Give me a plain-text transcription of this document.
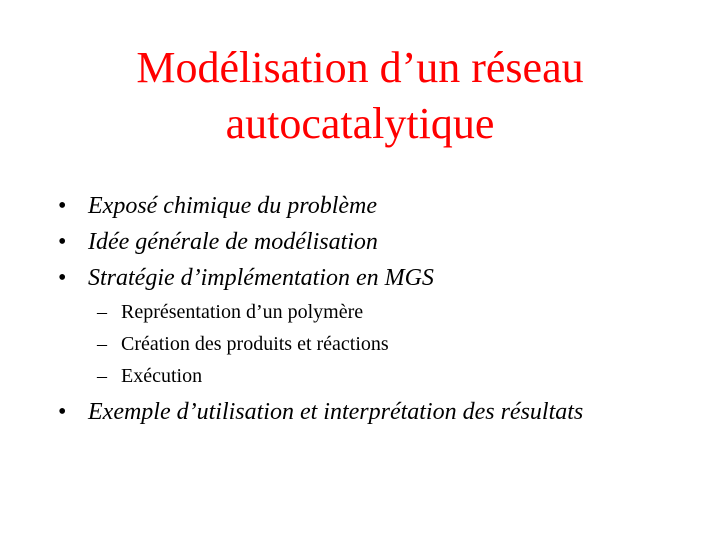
Modélisation d’un réseau
autocatalytique
• Exposé chimique du problème
• Idée générale de modélisation
• Stratégie d’implémentation en MGS
– Représentation d’un polymère
– Création des produits et réactions
– Exécution
• Exemple d’utilisation et interprétation des résultats
